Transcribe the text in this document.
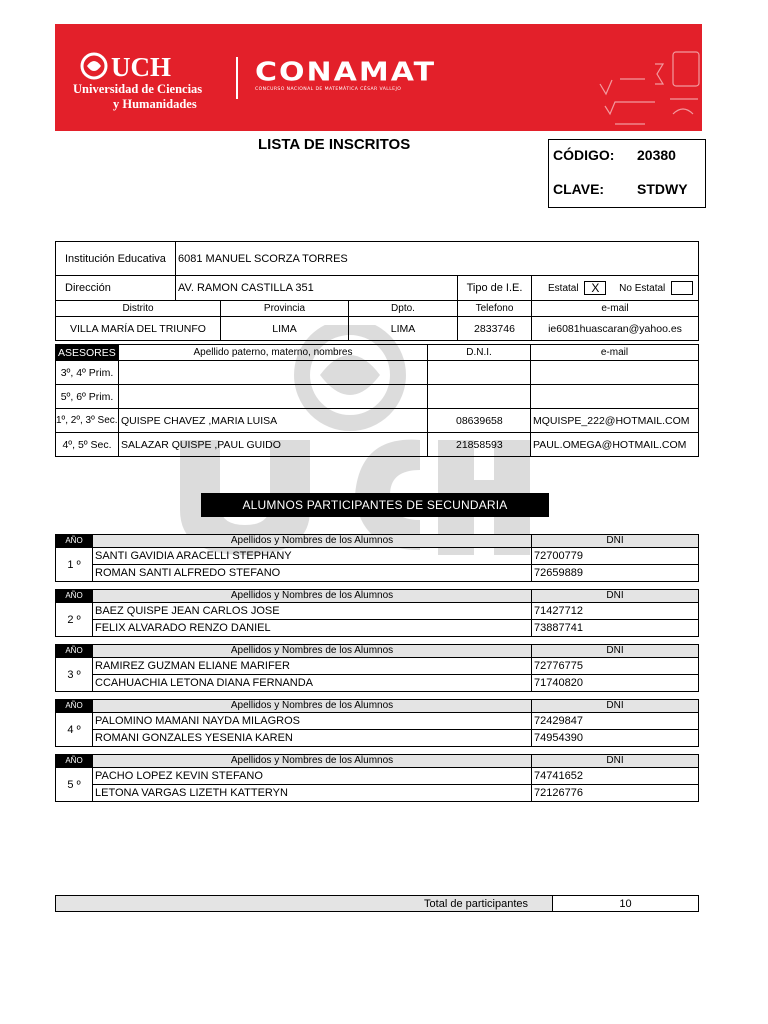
UCH
Universidad de Ciencias
y Humanidades
CONAMAT
CONCURSO NACIONAL DE MATEMÁTICA CÉSAR VALLEJO
LISTA DE INSCRITOS
CÓDIGO:	20380
CLAVE:	STDWY
Institución Educativa	6081 MANUEL SCORZA TORRES				
Dirección	AV. RAMON CASTILLA 351			Tipo de I.E.	Estatal X No Estatal
Distrito		Provincia	Dpto.	Telefono	e-mail
VILLA MARÍA DEL TRIUNFO		LIMA	LIMA	2833746	ie6081huascaran@yahoo.es
ASESORES	Apellido paterno, materno, nombres	D.N.I.	e-mail
3º, 4º Prim.			
5º, 6º Prim.			
1º, 2º, 3º Sec.	QUISPE CHAVEZ ,MARIA LUISA	08639658	MQUISPE_222@HOTMAIL.COM
4º, 5º Sec.	SALAZAR QUISPE ,PAUL GUIDO	21858593	PAUL.OMEGA@HOTMAIL.COM
ALUMNOS PARTICIPANTES DE SECUNDARIA
AÑO	Apellidos y Nombres de los Alumnos	DNI
1 º	SANTI GAVIDIA ARACELLI STEPHANY	72700779
	ROMAN SANTI ALFREDO STEFANO	72659889
AÑO	Apellidos y Nombres de los Alumnos	DNI
2 º	BAEZ QUISPE JEAN CARLOS JOSE	71427712
	FELIX ALVARADO RENZO DANIEL	73887741
AÑO	Apellidos y Nombres de los Alumnos	DNI
3 º	RAMIREZ GUZMAN ELIANE MARIFER	72776775
	CCAHUACHIA LETONA DIANA FERNANDA	71740820
AÑO	Apellidos y Nombres de los Alumnos	DNI
4 º	PALOMINO MAMANI NAYDA MILAGROS	72429847
	ROMANI GONZALES YESENIA KAREN	74954390
AÑO	Apellidos y Nombres de los Alumnos	DNI
5 º	PACHO LOPEZ KEVIN STEFANO	74741652
	LETONA VARGAS LIZETH KATTERYN	72126776
Total de participantes	10
